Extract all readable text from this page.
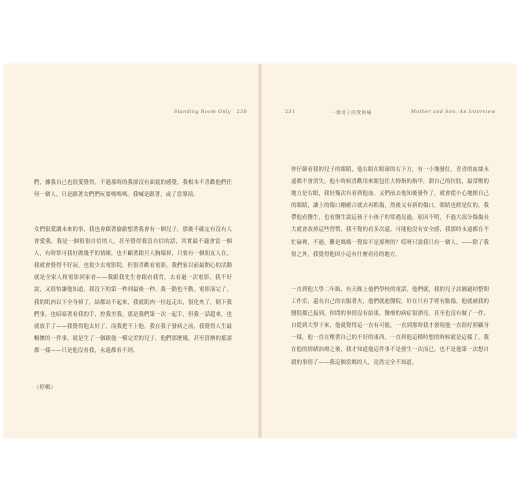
Standing Room Only 230

們，據我自己也很愛覺得，不過那時的我卻沒有面貌的感覺，我根本不喜歡他們任何一個人，只是跟著女們們玩耍嗎嗎嗎。我喊是跟著，或了當導演。

女們很愛講未來的事，我也會跟著偷偷想著我會有一個兒子，那後不確定有沒有人會愛我，我是一個很很自信的人，甚至覺得我沒自信的話，其實最不適會當一個人，有時常可我好做幾乎的情緒，也不顧著跟旦人胸環掉，只要有一個朋友人在，我就會覺得不好寂，也很少去電影院，但很喜歡看電影。我們家以前最開心的活動就是全家人租電影回家看——我跟我先生會跟看我背，去看過一次電影，我不好說，又很怕讓他知道，我沒下的第一秒到最後一秒，我一動也不動。電影演完了，我的肌肉以下全身掉了，結都站不起來，我就肌肉一拉起走出，很化夾了，倒下我們事，也暗暗著看我的手，控我差我，那是我們第一次一起手，但我一話超來，也就放手了——我覺得他太好了，而我把不上他。我在我子發病之前，我覺得人生最暢懷的一件事，就是生了一個跟他一模完美的兒子，他們那麼優，甚至買辦的抵諸都一樣——只是他沒看我，永遠都看不到。

（停頓）

231	一群母子的愛與痛	Mother and Son, An Interview

你仔細看我的兒子的眼睛，他右眼在眼球的右下方，有一小塊發紅，青青的血絲永遠都不會消失。他小時候喜歡用來眼包住大拇指的指甲，溜自己的拉肢，最常壓的地方是右眼，我好幾次有看到他血。又們前去他知後發作了，就會從小心地擦自己的眼睛，讓上的傷口剛癒合就去再抓傷，然後又有新的傷口，眼睛也經是紅的。我帶他看醫生，也看醫生說這孩子小孩子的常遇見過，原因不明，不過大部分傷傷長大就會改掉這些習慣，我不覺的看多次還。可能他沒有安全感，我那時永遠都在不忙碌裡，不過，難是媽媽一覺給不是那裡的？哎呀只說我只有一個人，——除了我很之外，我覺得他因小這有什麼看待的地方。

一直到他大學二年級，有天晚上他們學校的電話，他們就，我的兒子試圖過掉整間工作室，還長自己的衣服著火，他們就進醫院，好在只有手臂有點傷。他就被我的醫院都已接到，你問的事情沒有結果，醫療的病症很漂亮、甚至也沒有做了一件，自從到大學下來，他就覺得這一直有可能，一直到那時我才發現他一直很好照顧身一樣，他一直在壓著自己的不好的東西，一直到他這種時想的時候就是這樣了。我在他的情緒治療之後，我才知道他這件事不是發生一次而已，也不是他第一次想自殺的事情了——我這個當媽的人，竟然完全不知道。
